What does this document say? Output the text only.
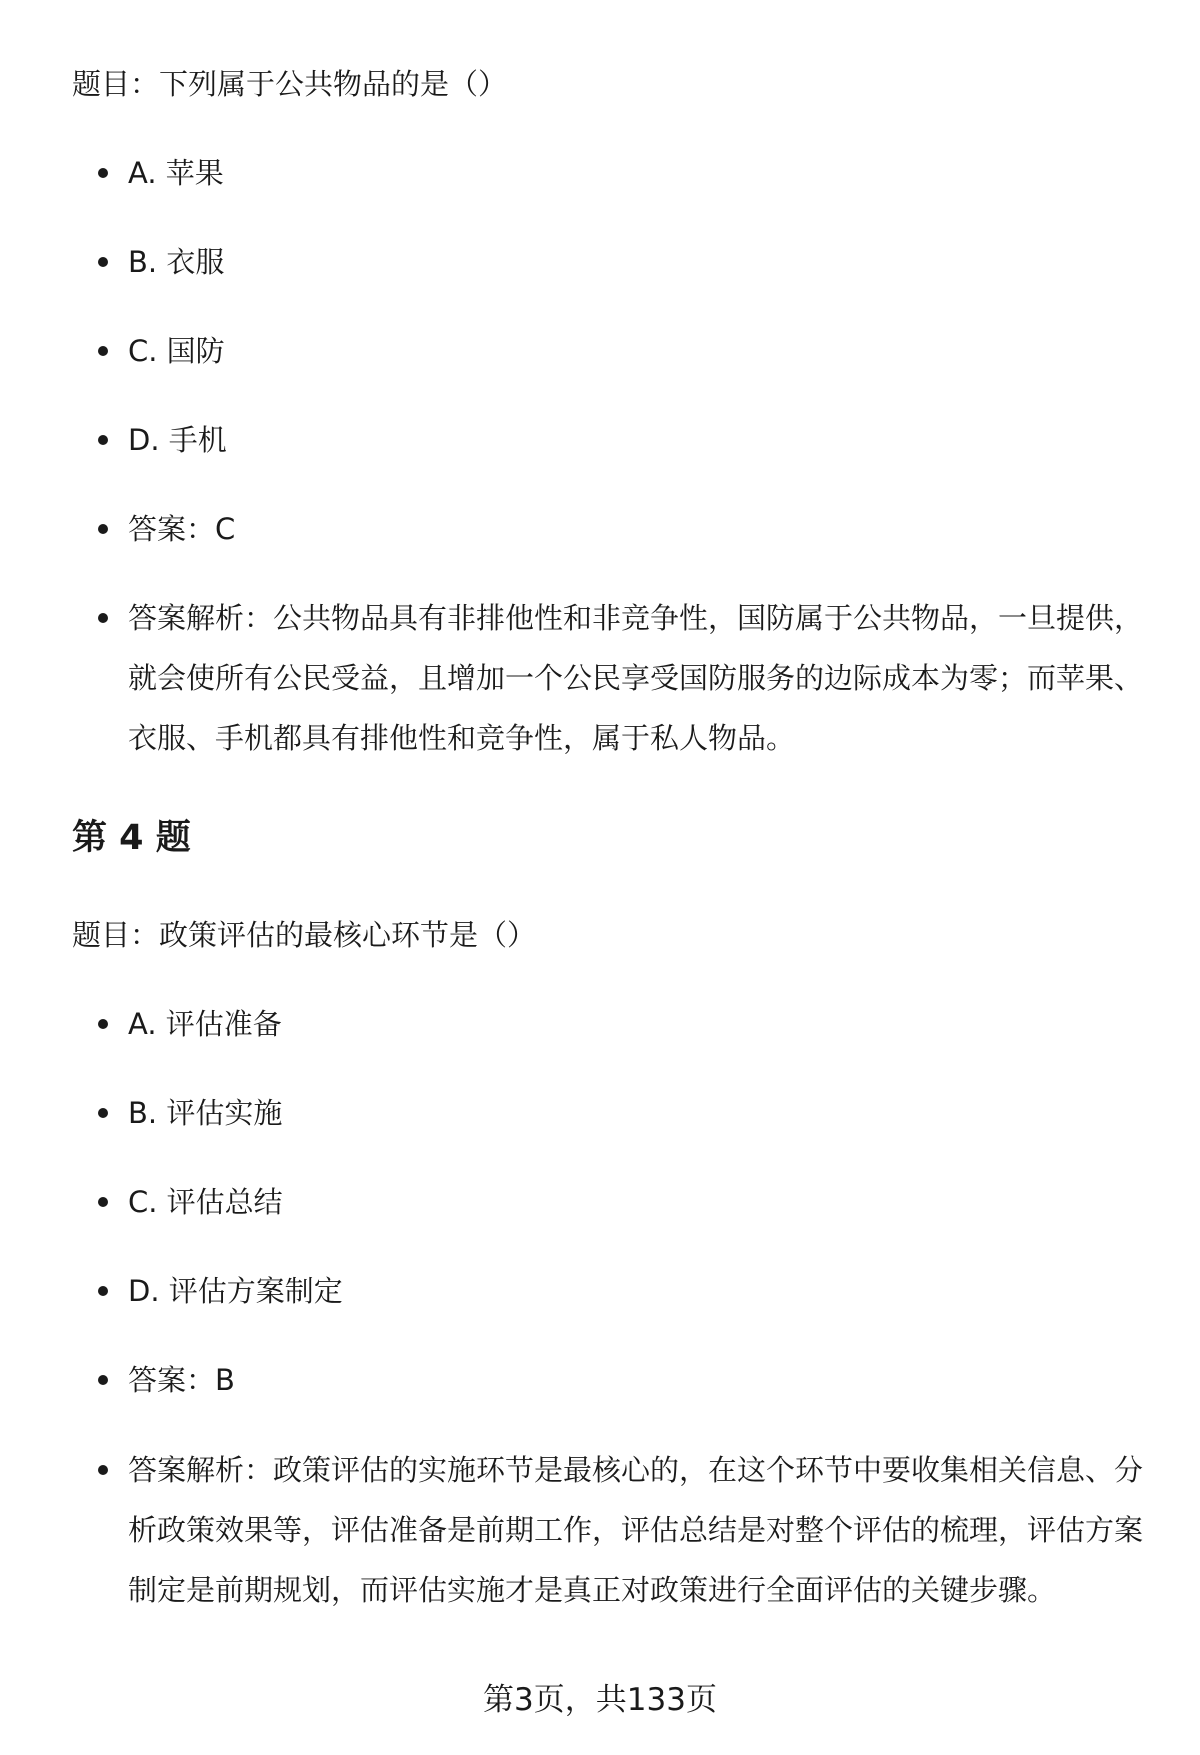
题目：下列属于公共物品的是（）
A. 苹果
B. 衣服
C. 国防
D. 手机
答案：C
答案解析：公共物品具有非排他性和非竞争性，国防属于公共物品，一旦提供，就会使所有公民受益，且增加一个公民享受国防服务的边际成本为零；而苹果、衣服、手机都具有排他性和竞争性，属于私人物品。
第 4 题
题目：政策评估的最核心环节是（）
A. 评估准备
B. 评估实施
C. 评估总结
D. 评估方案制定
答案：B
答案解析：政策评估的实施环节是最核心的，在这个环节中要收集相关信息、分析政策效果等，评估准备是前期工作，评估总结是对整个评估的梳理，评估方案制定是前期规划，而评估实施才是真正对政策进行全面评估的关键步骤。
第3页，共133页
